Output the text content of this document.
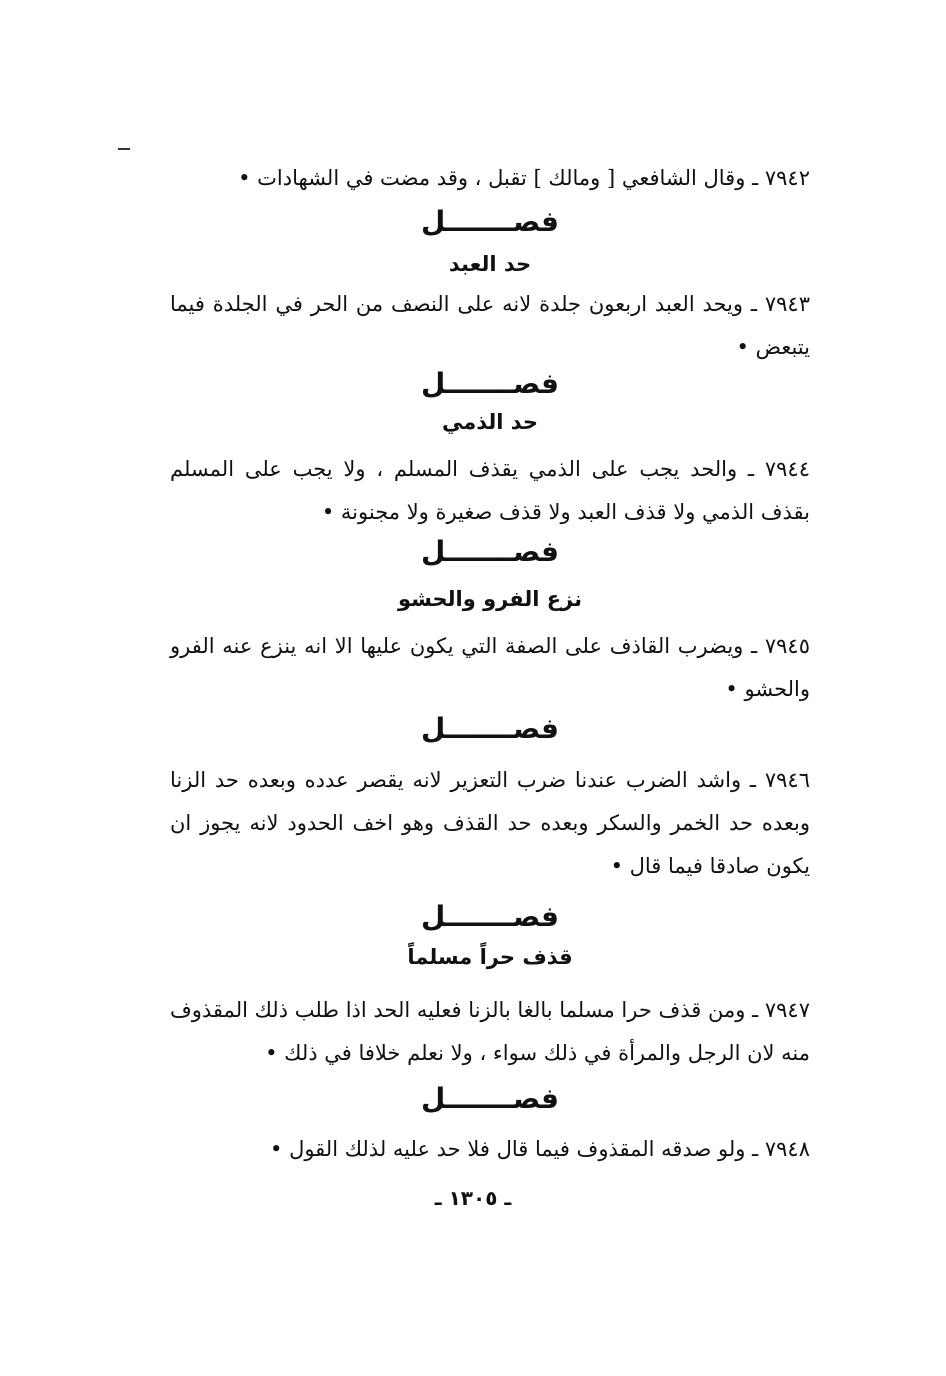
٧٩٤٢ ـ وقال الشافعي [ ومالك ] تقبل ، وقد مضت في الشهادات •
فصـــــــل
حد العبد
٧٩٤٣ ـ ويحد العبد اربعون جلدة لانه على النصف من الحر في الجلدة فيما يتبعض •
فصـــــــل
حد الذمي
٧٩٤٤ ـ والحد يجب على الذمي يقذف المسلم ، ولا يجب على المسلم بقذف الذمي ولا قذف العبد ولا قذف صغيرة ولا مجنونة •
فصـــــــل
نزع الفرو والحشو
٧٩٤٥ ـ ويضرب القاذف على الصفة التي يكون عليها الا انه ينزع عنه الفرو والحشو •
فصـــــــل
٧٩٤٦ ـ واشد الضرب عندنا ضرب التعزير لانه يقصر عدده وبعده حد الزنا وبعده حد الخمر والسكر وبعده حد القذف وهو اخف الحدود لانه يجوز ان يكون صادقا فيما قال •
فصـــــــل
قذف حراً مسلماً
٧٩٤٧ ـ ومن قذف حرا مسلما بالغا بالزنا فعليه الحد اذا طلب ذلك المقذوف منه لان الرجل والمرأة في ذلك سواء ، ولا نعلم خلافا في ذلك •
فصـــــــل
٧٩٤٨ ـ ولو صدقه المقذوف فيما قال فلا حد عليه لذلك القول •
ـ ١٣٠٥ ـ
